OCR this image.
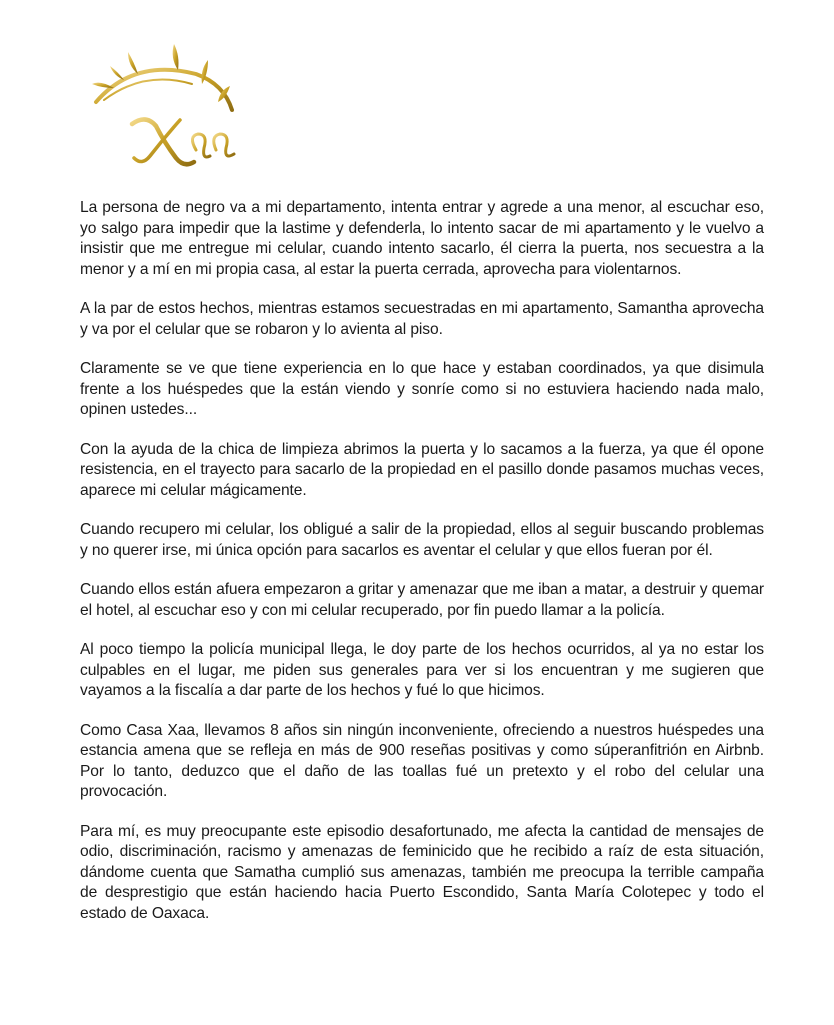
La persona de negro va a mi departamento, intenta entrar y agrede a una menor, al escuchar eso, yo salgo para impedir que la lastime y defenderla, lo intento sacar de mi apartamento y le vuelvo a insistir que me entregue mi celular, cuando intento sacarlo, él cierra la puerta, nos secuestra a la menor y a mí en mi propia casa, al estar la puerta cerrada, aprovecha para violentarnos.

A la par de estos hechos, mientras estamos secuestradas en mi apartamento, Samantha aprovecha y va por el celular que se robaron y lo avienta al piso.

Claramente se ve que tiene experiencia en lo que hace y estaban coordinados, ya que disimula frente a los huéspedes que la están viendo y sonríe como si no estuviera haciendo nada malo, opinen ustedes...

Con la ayuda de la chica de limpieza abrimos la puerta y lo sacamos a la fuerza, ya que él opone resistencia, en el trayecto para sacarlo de la propiedad en el pasillo donde pasamos muchas veces, aparece mi celular mágicamente.

Cuando recupero mi celular, los obligué a salir de la propiedad, ellos al seguir buscando problemas y no querer irse, mi única opción para sacarlos es aventar el celular y que ellos fueran por él.

Cuando ellos están afuera empezaron a gritar y amenazar que me iban a matar, a destruir y quemar el hotel, al escuchar eso y con mi celular recuperado, por fin puedo llamar a la policía.

Al poco tiempo la policía municipal llega, le doy parte de los hechos ocurridos, al ya no estar los culpables en el lugar, me piden sus generales para ver si los encuentran y me sugieren que vayamos a la fiscalía a dar parte de los hechos y fué lo que hicimos.

Como Casa Xaa, llevamos 8 años sin ningún inconveniente, ofreciendo a nuestros huéspedes una estancia amena que se refleja en más de 900 reseñas positivas y como súperanfitrión en Airbnb. Por lo tanto, deduzco que el daño de las toallas fué un pretexto y el robo del celular una provocación.

Para mí, es muy preocupante este episodio desafortunado, me afecta la cantidad de mensajes de odio, discriminación, racismo y amenazas de feminicido que he recibido a raíz de esta situación, dándome cuenta que Samatha cumplió sus amenazas, también me preocupa la terrible campaña de desprestigio que están haciendo hacia Puerto Escondido, Santa María Colotepec y todo el estado de Oaxaca.
